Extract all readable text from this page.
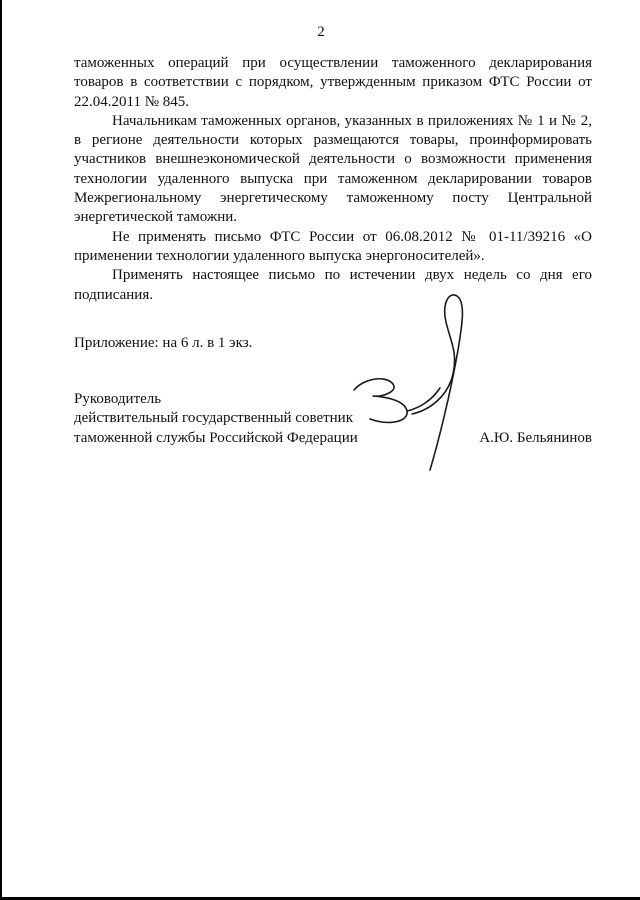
2

таможенных операций при осуществлении таможенного декларирования товаров в соответствии с порядком, утвержденным приказом ФТС России от 22.04.2011 № 845.

Начальникам таможенных органов, указанных в приложениях № 1 и № 2, в регионе деятельности которых размещаются товары, проинформировать участников внешнеэкономической деятельности о возможности применения технологии удаленного выпуска при таможенном декларировании товаров Межрегиональному энергетическому таможенному посту Центральной энергетической таможни.

Не применять письмо ФТС России от 06.08.2012 № 01-11/39216 «О применении технологии удаленного выпуска энергоносителей».

Применять настоящее письмо по истечении двух недель со дня его подписания.

Приложение: на 6 л. в 1 экз.

Руководитель
действительный государственный советник
таможенной службы Российской Федерации	А.Ю. Бельянинов
